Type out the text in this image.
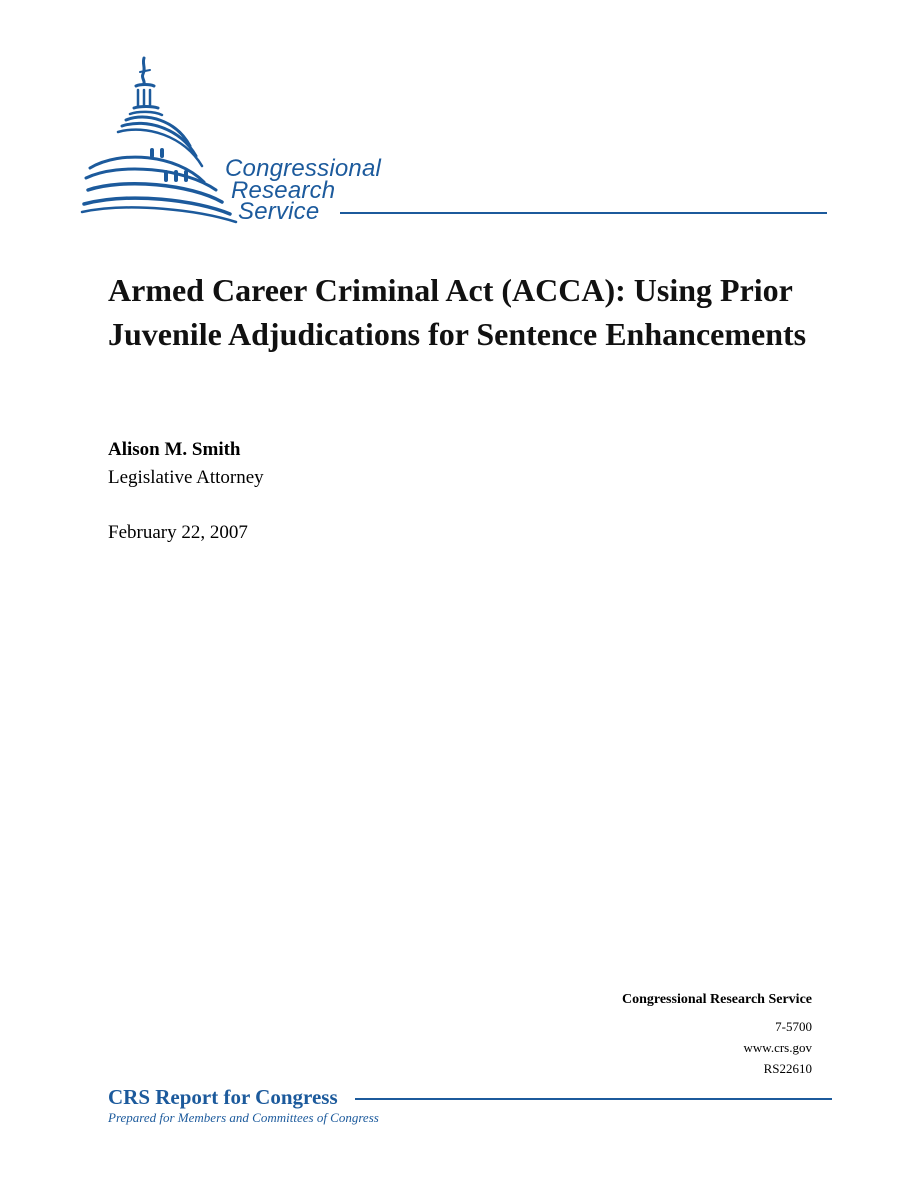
Congressional
Research
Service
Armed Career Criminal Act (ACCA): Using Prior Juvenile Adjudications for Sentence Enhancements
Alison M. Smith
Legislative Attorney
February 22, 2007
Congressional Research Service
7-5700
www.crs.gov
RS22610
CRS Report for Congress
Prepared for Members and Committees of Congress
